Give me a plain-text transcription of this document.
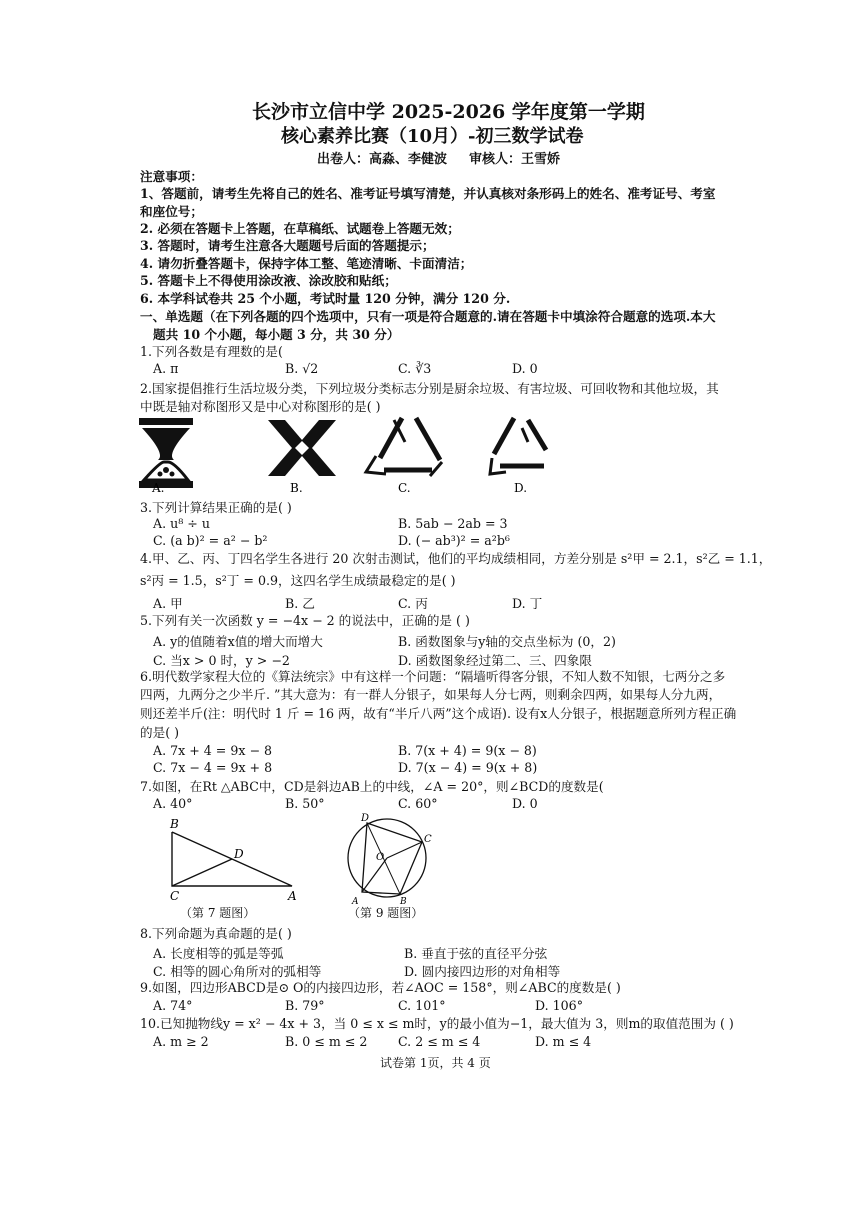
长沙市立信中学 2025-2026 学年度第一学期
核心素养比赛（10月）-初三数学试卷
出卷人：高淼、李健波 审核人：王雪娇
注意事项：
1、答题前，请考生先将自己的姓名、准考证号填写清楚，并认真核对条形码上的姓名、准考证号、考室
和座位号；
2. 必须在答题卡上答题，在草稿纸、试题卷上答题无效；
3. 答题时，请考生注意各大题题号后面的答题提示；
4. 请勿折叠答题卡，保持字体工整、笔迹清晰、卡面清洁；
5. 答题卡上不得使用涂改液、涂改胶和贴纸；
6. 本学科试卷共 25 个小题，考试时量 120 分钟，满分 120 分.
一、单选题（在下列各题的四个选项中，只有一项是符合题意的.请在答题卡中填涂符合题意的选项.本大
题共 10 个小题，每小题 3 分，共 30 分）
1.下列各数是有理数的是(
A. π	B. √2	C. ∛3	D. 0
2.国家提倡推行生活垃圾分类，下列垃圾分类标志分别是厨余垃圾、有害垃圾、可回收物和其他垃圾，其
中既是轴对称图形又是中心对称图形的是( )
A.	B.	C.	D.
3.下列计算结果正确的是( )
A. u⁸ ÷ u	B. 5ab − 2ab = 3
C. (a b)² = a² − b²	D. (− ab³)² = a²b⁶
4.甲、乙、丙、丁四名学生各进行 20 次射击测试，他们的平均成绩相同，方差分别是 s²甲 = 2.1，s²乙 = 1.1，
s²丙 = 1.5，s²丁 = 0.9，这四名学生成绩最稳定的是( )
A. 甲	B. 乙	C. 丙	D. 丁
5.下列有关一次函数 y = −4x − 2 的说法中，正确的是 ( )
A. y的值随着x值的增大而增大	B. 函数图象与y轴的交点坐标为 (0，2)
C. 当x > 0 时，y > −2	D. 函数图象经过第二、三、四象限
6.明代数学家程大位的《算法统宗》中有这样一个问题：“隔墙听得客分银，不知人数不知银，七两分之多
四两，九两分之少半斤. ”其大意为：有一群人分银子，如果每人分七两，则剩余四两，如果每人分九两，
则还差半斤(注：明代时 1 斤 = 16 两，故有“半斤八两”这个成语). 设有x人分银子，根据题意所列方程正确
的是( )
A. 7x + 4 = 9x − 8	B. 7(x + 4) = 9(x − 8)
C. 7x − 4 = 9x + 8	D. 7(x − 4) = 9(x + 8)
7.如图，在Rt △ABC中，CD是斜边AB上的中线，∠A = 20°，则∠BCD的度数是(
A. 40°	B. 50°	C. 60°	D. 0
B
D
C	A
（第 7 题图）
D
C
O
A	B
（第 9 题图）
8.下列命题为真命题的是( )
A. 长度相等的弧是等弧	B. 垂直于弦的直径平分弦
C. 相等的圆心角所对的弧相等	D. 圆内接四边形的对角相等
9.如图，四边形ABCD是⊙ O的内接四边形，若∠AOC = 158°，则∠ABC的度数是( )
A. 74°	B. 79°	C. 101°	D. 106°
10.已知抛物线y = x² − 4x + 3，当 0 ≤ x ≤ m时，y的最小值为−1，最大值为 3，则m的取值范围为 ( )
A. m ≥ 2	B. 0 ≤ m ≤ 2 C. 2 ≤ m ≤ 4	D. m ≤ 4
试卷第 1页，共 4 页
